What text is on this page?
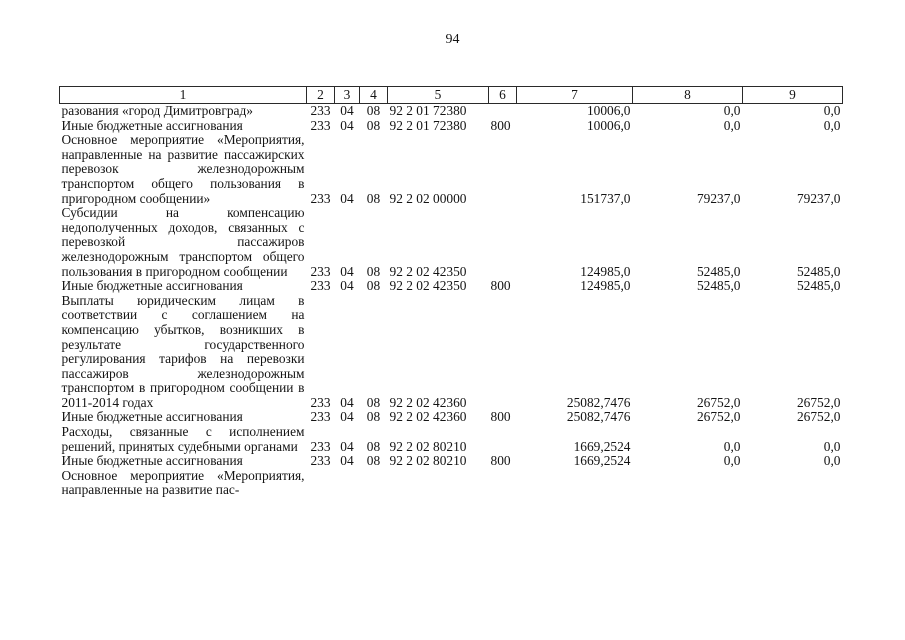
94
1	2	3	4	5	6	7	8	9
разования «город Димитровград»	233	04	08	92 2 01 72380		10006,0	0,0	0,0
Иные бюджетные ассигнования	233	04	08	92 2 01 72380	800	10006,0	0,0	0,0
Основное мероприятие «Мероприятия, направленные на развитие пассажирских перевозок железнодорожным транспортом общего пользования в пригородном сообщении»	233	04	08	92 2 02 00000		151737,0	79237,0	79237,0
Субсидии на компенсацию недополученных доходов, связанных с перевозкой пассажиров железнодорожным транспортом общего пользования в пригородном сообщении	233	04	08	92 2 02 42350		124985,0	52485,0	52485,0
Иные бюджетные ассигнования	233	04	08	92 2 02 42350	800	124985,0	52485,0	52485,0
Выплаты юридическим лицам в соответствии с соглашением на компенсацию убытков, возникших в результате государственного регулирования тарифов на перевозки пассажиров железнодорожным транспортом в пригородном сообщении в 2011-2014 годах	233	04	08	92 2 02 42360		25082,7476	26752,0	26752,0
Иные бюджетные ассигнования	233	04	08	92 2 02 42360	800	25082,7476	26752,0	26752,0
Расходы, связанные с исполнением решений, принятых судебными органами	233	04	08	92 2 02 80210		1669,2524	0,0	0,0
Иные бюджетные ассигнования	233	04	08	92 2 02 80210	800	1669,2524	0,0	0,0
Основное мероприятие «Мероприятия, направленные на развитие пас-								
